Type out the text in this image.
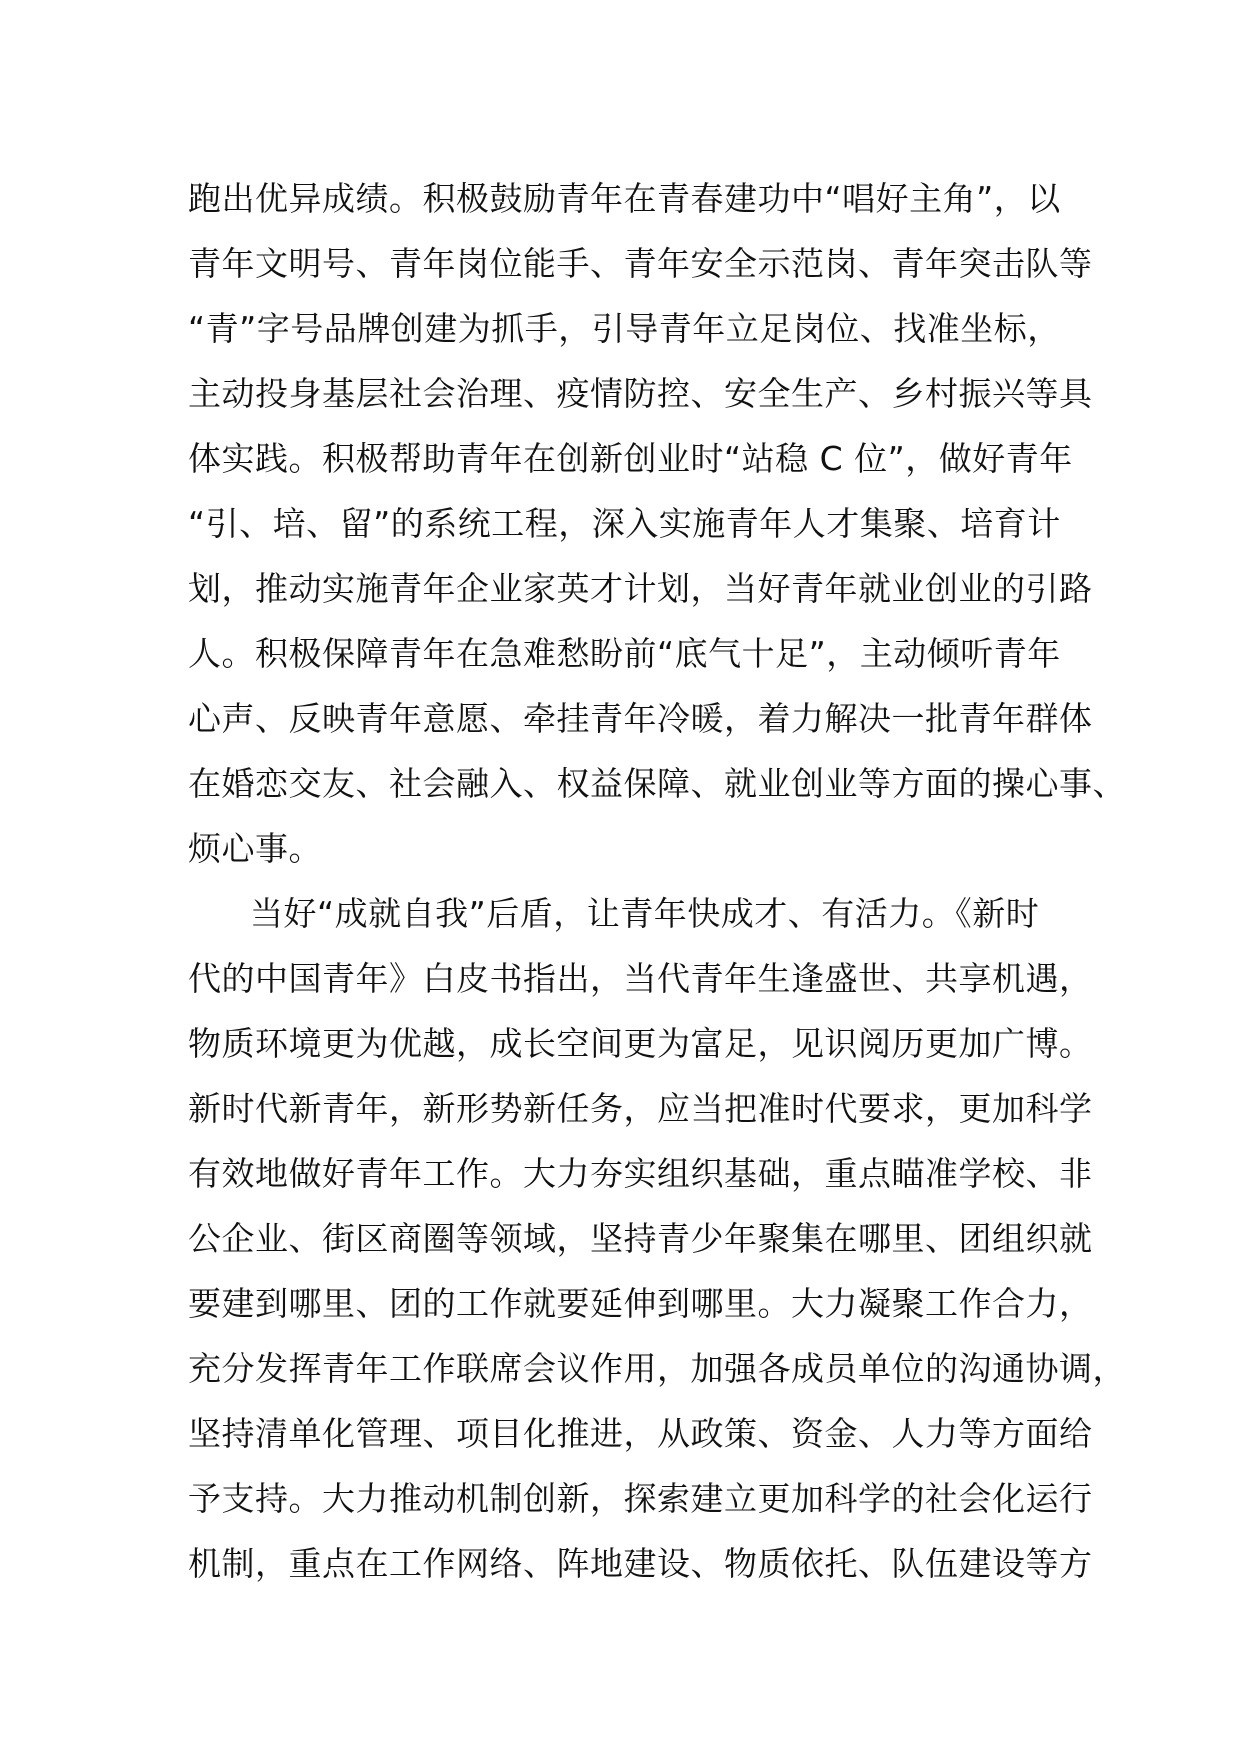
跑出优异成绩。积极鼓励青年在青春建功中“唱好主角”，以
青年文明号、青年岗位能手、青年安全示范岗、青年突击队等
“青”字号品牌创建为抓手，引导青年立足岗位、找准坐标，
主动投身基层社会治理、疫情防控、安全生产、乡村振兴等具
体实践。积极帮助青年在创新创业时“站稳 C 位”，做好青年
“引、培、留”的系统工程，深入实施青年人才集聚、培育计
划，推动实施青年企业家英才计划，当好青年就业创业的引路
人。积极保障青年在急难愁盼前“底气十足”，主动倾听青年
心声、反映青年意愿、牵挂青年冷暖，着力解决一批青年群体
在婚恋交友、社会融入、权益保障、就业创业等方面的操心事、
烦心事。
当好“成就自我”后盾，让青年快成才、有活力。《新时
代的中国青年》白皮书指出，当代青年生逢盛世、共享机遇，
物质环境更为优越，成长空间更为富足，见识阅历更加广博。
新时代新青年，新形势新任务，应当把准时代要求，更加科学
有效地做好青年工作。大力夯实组织基础，重点瞄准学校、非
公企业、街区商圈等领域，坚持青少年聚集在哪里、团组织就
要建到哪里、团的工作就要延伸到哪里。大力凝聚工作合力，
充分发挥青年工作联席会议作用，加强各成员单位的沟通协调，
坚持清单化管理、项目化推进，从政策、资金、人力等方面给
予支持。大力推动机制创新，探索建立更加科学的社会化运行
机制，重点在工作网络、阵地建设、物质依托、队伍建设等方
